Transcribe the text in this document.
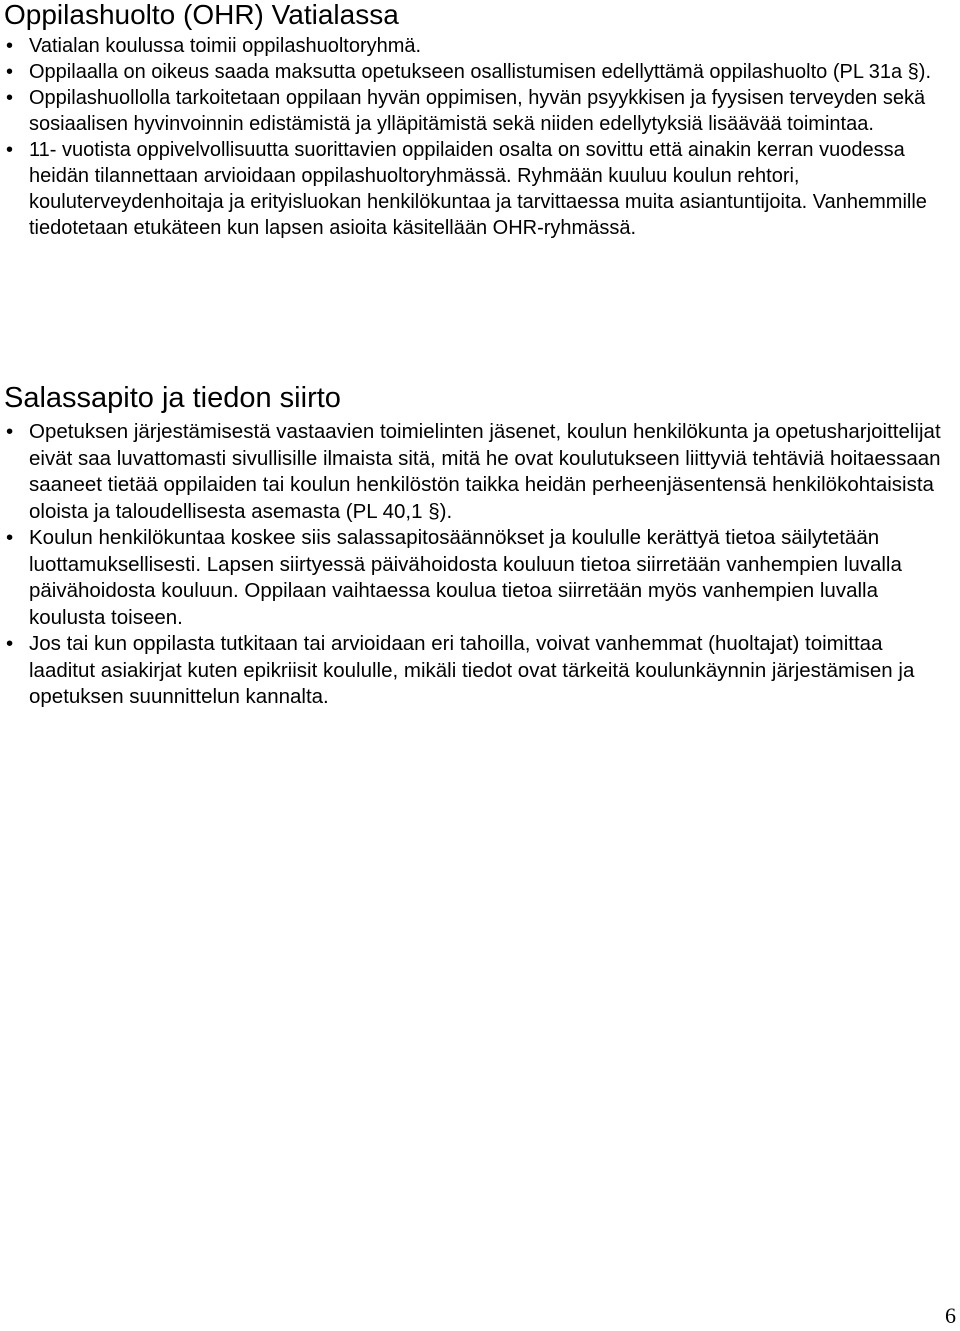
Oppilashuolto (OHR) Vatialassa
• Vatialan koulussa toimii oppilashuoltoryhmä.
• Oppilaalla on oikeus saada maksutta opetukseen osallistumisen edellyttämä oppilashuolto (PL 31a §).
• Oppilashuollolla tarkoitetaan oppilaan hyvän oppimisen, hyvän psyykkisen ja fyysisen terveyden sekä sosiaalisen hyvinvoinnin edistämistä ja ylläpitämistä sekä niiden edellytyksiä lisäävää toimintaa.
• 11- vuotista oppivelvollisuutta suorittavien oppilaiden osalta on sovittu että ainakin kerran vuodessa heidän tilannettaan arvioidaan oppilashuoltoryhmässä. Ryhmään kuuluu koulun rehtori, kouluterveydenhoitaja ja erityisluokan henkilökuntaa ja tarvittaessa muita asiantuntijoita. Vanhemmille tiedotetaan etukäteen kun lapsen asioita käsitellään OHR-ryhmässä.
Salassapito ja tiedon siirto
• Opetuksen järjestämisestä vastaavien toimielinten jäsenet, koulun henkilökunta ja opetusharjoittelijat eivät saa luvattomasti sivullisille ilmaista sitä, mitä he ovat koulutukseen liittyviä tehtäviä hoitaessaan saaneet tietää oppilaiden tai koulun henkilöstön taikka heidän perheenjäsentensä henkilökohtaisista oloista ja taloudellisesta asemasta (PL 40,1 §).
• Koulun henkilökuntaa koskee siis salassapitosäännökset ja koululle kerättyä tietoa säilytetään luottamuksellisesti. Lapsen siirtyessä päivähoidosta kouluun tietoa siirretään vanhempien luvalla päivähoidosta kouluun. Oppilaan vaihtaessa koulua tietoa siirretään myös vanhempien luvalla koulusta toiseen.
• Jos tai kun oppilasta tutkitaan tai arvioidaan eri tahoilla, voivat vanhemmat (huoltajat) toimittaa laaditut asiakirjat kuten epikriisit koululle, mikäli tiedot ovat tärkeitä koulunkäynnin järjestämisen ja opetuksen suunnittelun kannalta.
6
